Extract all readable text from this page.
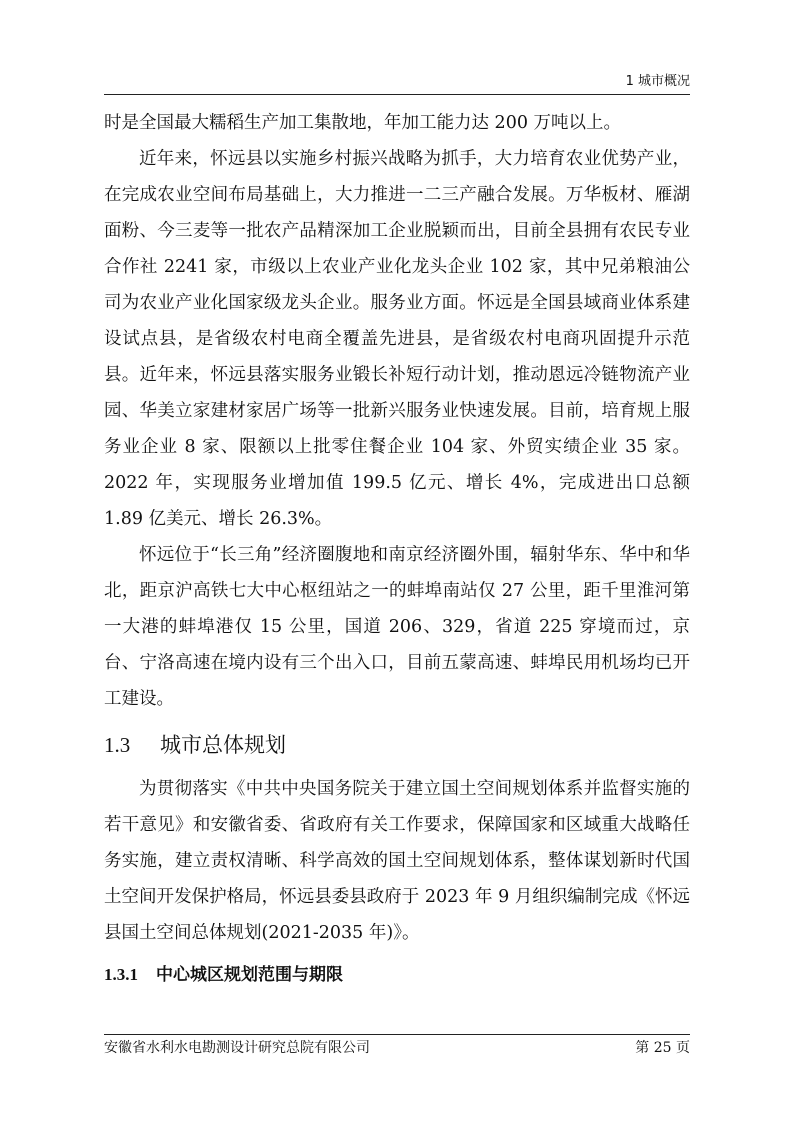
1 城市概况

时是全国最大糯稻生产加工集散地，年加工能力达 200 万吨以上。

近年来，怀远县以实施乡村振兴战略为抓手，大力培育农业优势产业，在完成农业空间布局基础上，大力推进一二三产融合发展。万华板材、雁湖面粉、今三麦等一批农产品精深加工企业脱颖而出，目前全县拥有农民专业合作社 2241 家，市级以上农业产业化龙头企业 102 家，其中兄弟粮油公司为农业产业化国家级龙头企业。服务业方面。怀远是全国县域商业体系建设试点县，是省级农村电商全覆盖先进县，是省级农村电商巩固提升示范县。近年来，怀远县落实服务业锻长补短行动计划，推动恩远冷链物流产业园、华美立家建材家居广场等一批新兴服务业快速发展。目前，培育规上服务业企业 8 家、限额以上批零住餐企业 104 家、外贸实绩企业 35 家。2022 年，实现服务业增加值 199.5 亿元、增长 4%，完成进出口总额 1.89 亿美元、增长 26.3%。

怀远位于“长三角”经济圈腹地和南京经济圈外围，辐射华东、华中和华北，距京沪高铁七大中心枢纽站之一的蚌埠南站仅 27 公里，距千里淮河第一大港的蚌埠港仅 15 公里，国道 206、329，省道 225 穿境而过，京台、宁洛高速在境内设有三个出入口，目前五蒙高速、蚌埠民用机场均已开工建设。

1.3 城市总体规划

为贯彻落实《中共中央国务院关于建立国土空间规划体系并监督实施的若干意见》和安徽省委、省政府有关工作要求，保障国家和区域重大战略任务实施，建立责权清晰、科学高效的国土空间规划体系，整体谋划新时代国土空间开发保护格局，怀远县委县政府于 2023 年 9 月组织编制完成《怀远县国土空间总体规划(2021-2035 年)》。

1.3.1 中心城区规划范围与期限
安徽省水利水电勘测设计研究总院有限公司	第 25 页
